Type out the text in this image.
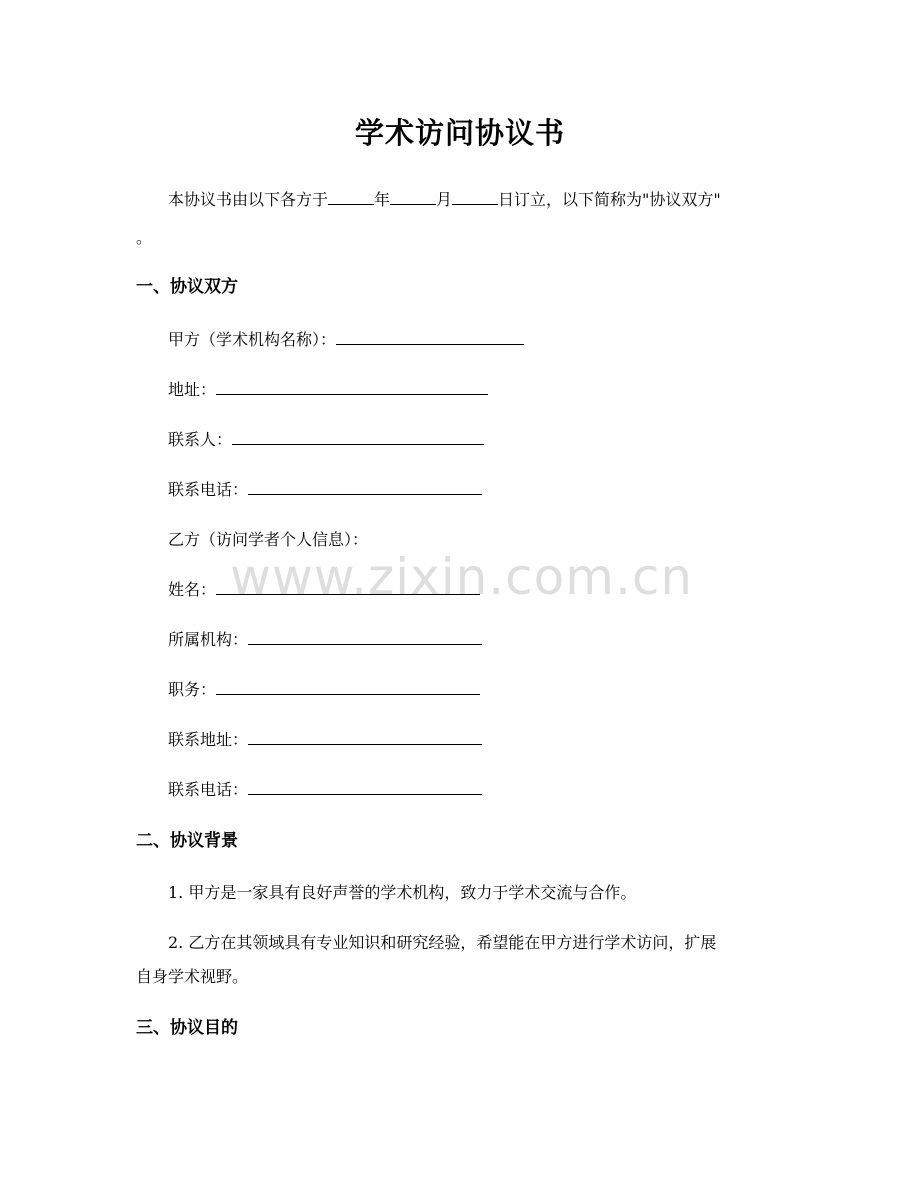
学术访问协议书
本协议书由以下各方于	年	月	日订立，以下简称为"协议双方"
。
一、协议双方
甲方（学术机构名称）：
地址：
联系人：
联系电话：
乙方（访问学者个人信息）：
姓名：
所属机构：
职务：
联系地址：
联系电话：
二、协议背景
1. 甲方是一家具有良好声誉的学术机构，致力于学术交流与合作。
2. 乙方在其领域具有专业知识和研究经验，希望能在甲方进行学术访问，扩展
自身学术视野。
三、协议目的
www.zixin.com.cn
